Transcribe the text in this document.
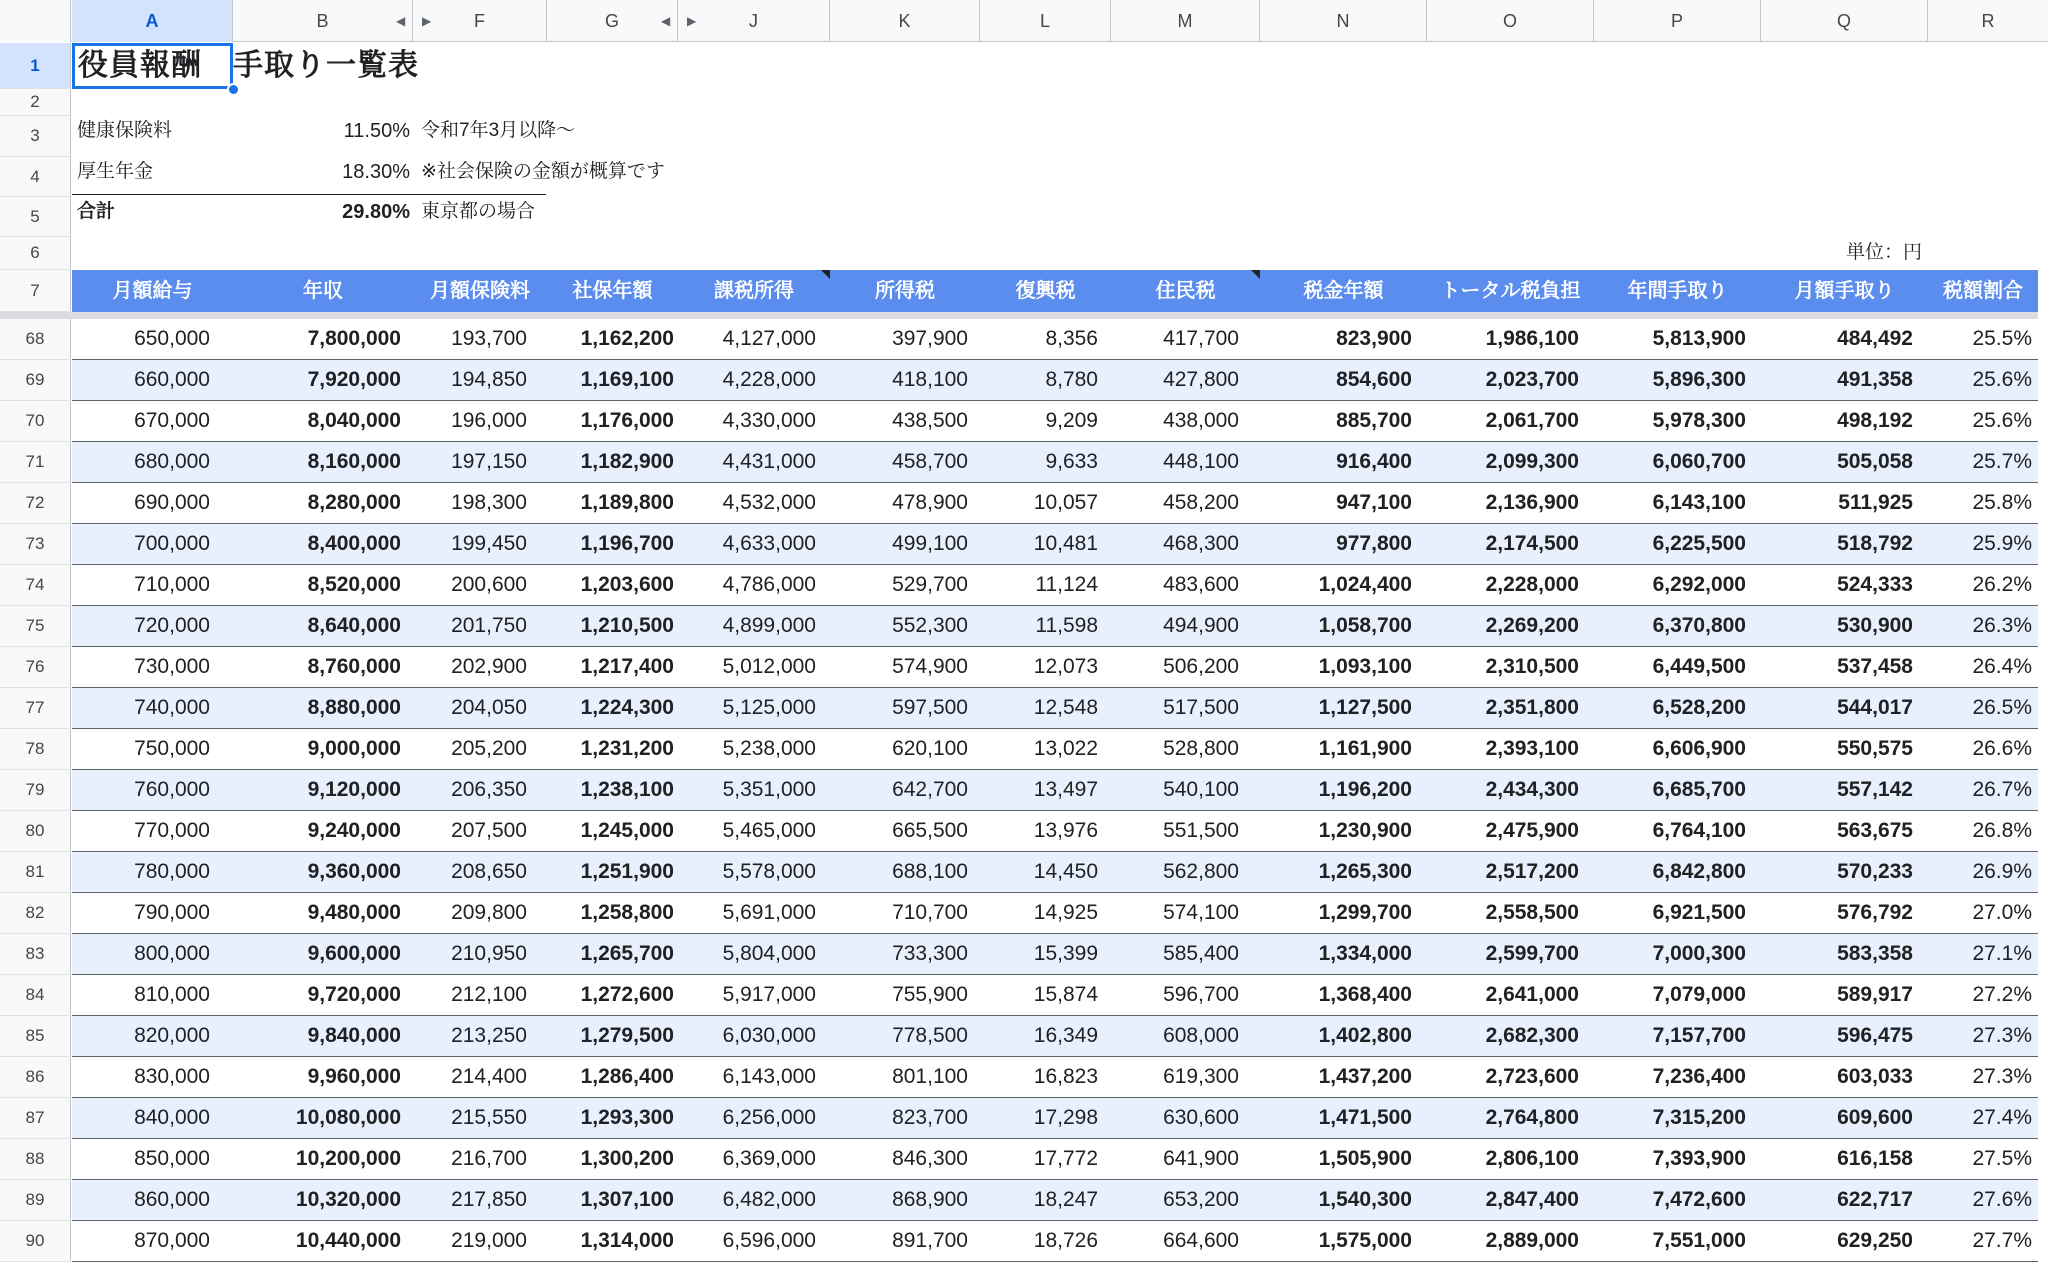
A	B	F	G	J	K	L	M	N	O	P	Q	R
◀ ▶	◀ ▶
1
2
3
4
5
6
7
役員報酬　手取り一覧表
健康保険料	11.50% 令和7年3月以降〜
厚生年金	18.30% ※社会保険の金額が概算です
合計	29.80% 東京都の場合
単位：円
月額給与	年収	月額保険料	社保年額	課税所得	所得税	復興税	住民税	税金年額	トータル税負担	年間手取り	月額手取り	税額割合
68	650,000	7,800,000	193,700	1,162,200	4,127,000	397,900	8,356	417,700	823,900	1,986,100	5,813,900	484,492	25.5%
69	660,000	7,920,000	194,850	1,169,100	4,228,000	418,100	8,780	427,800	854,600	2,023,700	5,896,300	491,358	25.6%
70	670,000	8,040,000	196,000	1,176,000	4,330,000	438,500	9,209	438,000	885,700	2,061,700	5,978,300	498,192	25.6%
71	680,000	8,160,000	197,150	1,182,900	4,431,000	458,700	9,633	448,100	916,400	2,099,300	6,060,700	505,058	25.7%
72	690,000	8,280,000	198,300	1,189,800	4,532,000	478,900	10,057	458,200	947,100	2,136,900	6,143,100	511,925	25.8%
73	700,000	8,400,000	199,450	1,196,700	4,633,000	499,100	10,481	468,300	977,800	2,174,500	6,225,500	518,792	25.9%
74	710,000	8,520,000	200,600	1,203,600	4,786,000	529,700	11,124	483,600	1,024,400	2,228,000	6,292,000	524,333	26.2%
75	720,000	8,640,000	201,750	1,210,500	4,899,000	552,300	11,598	494,900	1,058,700	2,269,200	6,370,800	530,900	26.3%
76	730,000	8,760,000	202,900	1,217,400	5,012,000	574,900	12,073	506,200	1,093,100	2,310,500	6,449,500	537,458	26.4%
77	740,000	8,880,000	204,050	1,224,300	5,125,000	597,500	12,548	517,500	1,127,500	2,351,800	6,528,200	544,017	26.5%
78	750,000	9,000,000	205,200	1,231,200	5,238,000	620,100	13,022	528,800	1,161,900	2,393,100	6,606,900	550,575	26.6%
79	760,000	9,120,000	206,350	1,238,100	5,351,000	642,700	13,497	540,100	1,196,200	2,434,300	6,685,700	557,142	26.7%
80	770,000	9,240,000	207,500	1,245,000	5,465,000	665,500	13,976	551,500	1,230,900	2,475,900	6,764,100	563,675	26.8%
81	780,000	9,360,000	208,650	1,251,900	5,578,000	688,100	14,450	562,800	1,265,300	2,517,200	6,842,800	570,233	26.9%
82	790,000	9,480,000	209,800	1,258,800	5,691,000	710,700	14,925	574,100	1,299,700	2,558,500	6,921,500	576,792	27.0%
83	800,000	9,600,000	210,950	1,265,700	5,804,000	733,300	15,399	585,400	1,334,000	2,599,700	7,000,300	583,358	27.1%
84	810,000	9,720,000	212,100	1,272,600	5,917,000	755,900	15,874	596,700	1,368,400	2,641,000	7,079,000	589,917	27.2%
85	820,000	9,840,000	213,250	1,279,500	6,030,000	778,500	16,349	608,000	1,402,800	2,682,300	7,157,700	596,475	27.3%
86	830,000	9,960,000	214,400	1,286,400	6,143,000	801,100	16,823	619,300	1,437,200	2,723,600	7,236,400	603,033	27.3%
87	840,000	10,080,000	215,550	1,293,300	6,256,000	823,700	17,298	630,600	1,471,500	2,764,800	7,315,200	609,600	27.4%
88	850,000	10,200,000	216,700	1,300,200	6,369,000	846,300	17,772	641,900	1,505,900	2,806,100	7,393,900	616,158	27.5%
89	860,000	10,320,000	217,850	1,307,100	6,482,000	868,900	18,247	653,200	1,540,300	2,847,400	7,472,600	622,717	27.6%
90	870,000	10,440,000	219,000	1,314,000	6,596,000	891,700	18,726	664,600	1,575,000	2,889,000	7,551,000	629,250	27.7%
